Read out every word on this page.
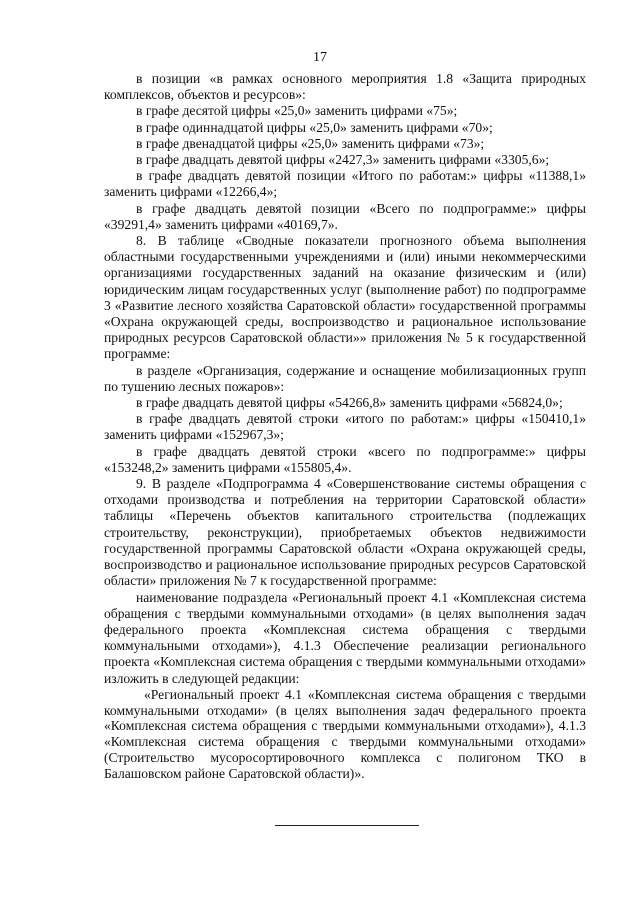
17

в позиции «в рамках основного мероприятия 1.8 «Защита природных комплексов, объектов и ресурсов»:

в графе десятой цифры «25,0» заменить цифрами «75»;

в графе одиннадцатой цифры «25,0» заменить цифрами «70»;

в графе двенадцатой цифры «25,0» заменить цифрами «73»;

в графе двадцать девятой цифры «2427,3» заменить цифрами «3305,6»;

в графе двадцать девятой позиции «Итого по работам:» цифры «11388,1» заменить цифрами «12266,4»;

в графе двадцать девятой позиции «Всего по подпрограмме:» цифры «39291,4» заменить цифрами «40169,7».

8. В таблице «Сводные показатели прогнозного объема выполнения областными государственными учреждениями и (или) иными некоммерческими организациями государственных заданий на оказание физическим и (или) юридическим лицам государственных услуг (выполнение работ) по подпрограмме 3 «Развитие лесного хозяйства Саратовской области» государственной программы «Охрана окружающей среды, воспроизводство и рациональное использование природных ресурсов Саратовской области»» приложения № 5 к государственной программе:

в разделе «Организация, содержание и оснащение мобилизационных групп по тушению лесных пожаров»:

в графе двадцать девятой цифры «54266,8» заменить цифрами «56824,0»;

в графе двадцать девятой строки «итого по работам:» цифры «150410,1» заменить цифрами «152967,3»;

в графе двадцать девятой строки «всего по подпрограмме:» цифры «153248,2» заменить цифрами «155805,4».

9. В разделе «Подпрограмма 4 «Совершенствование системы обращения с отходами производства и потребления на территории Саратовской области» таблицы «Перечень объектов капитального строительства (подлежащих строительству, реконструкции), приобретаемых объектов недвижимости государственной программы Саратовской области «Охрана окружающей среды, воспроизводство и рациональное использование природных ресурсов Саратовской области» приложения № 7 к государственной программе:

наименование подраздела «Региональный проект 4.1 «Комплексная система обращения с твердыми коммунальными отходами» (в целях выполнения задач федерального проекта «Комплексная система обращения с твердыми коммунальными отходами»), 4.1.3 Обеспечение реализации регионального проекта «Комплексная система обращения с твердыми коммунальными отходами» изложить в следующей редакции:

«Региональный проект 4.1 «Комплексная система обращения с твердыми коммунальными отходами» (в целях выполнения задач федерального проекта «Комплексная система обращения с твердыми коммунальными отходами»), 4.1.3 «Комплексная система обращения с твердыми коммунальными отходами» (Строительство мусоросортировочного комплекса с полигоном ТКО в Балашовском районе Саратовской области)».
